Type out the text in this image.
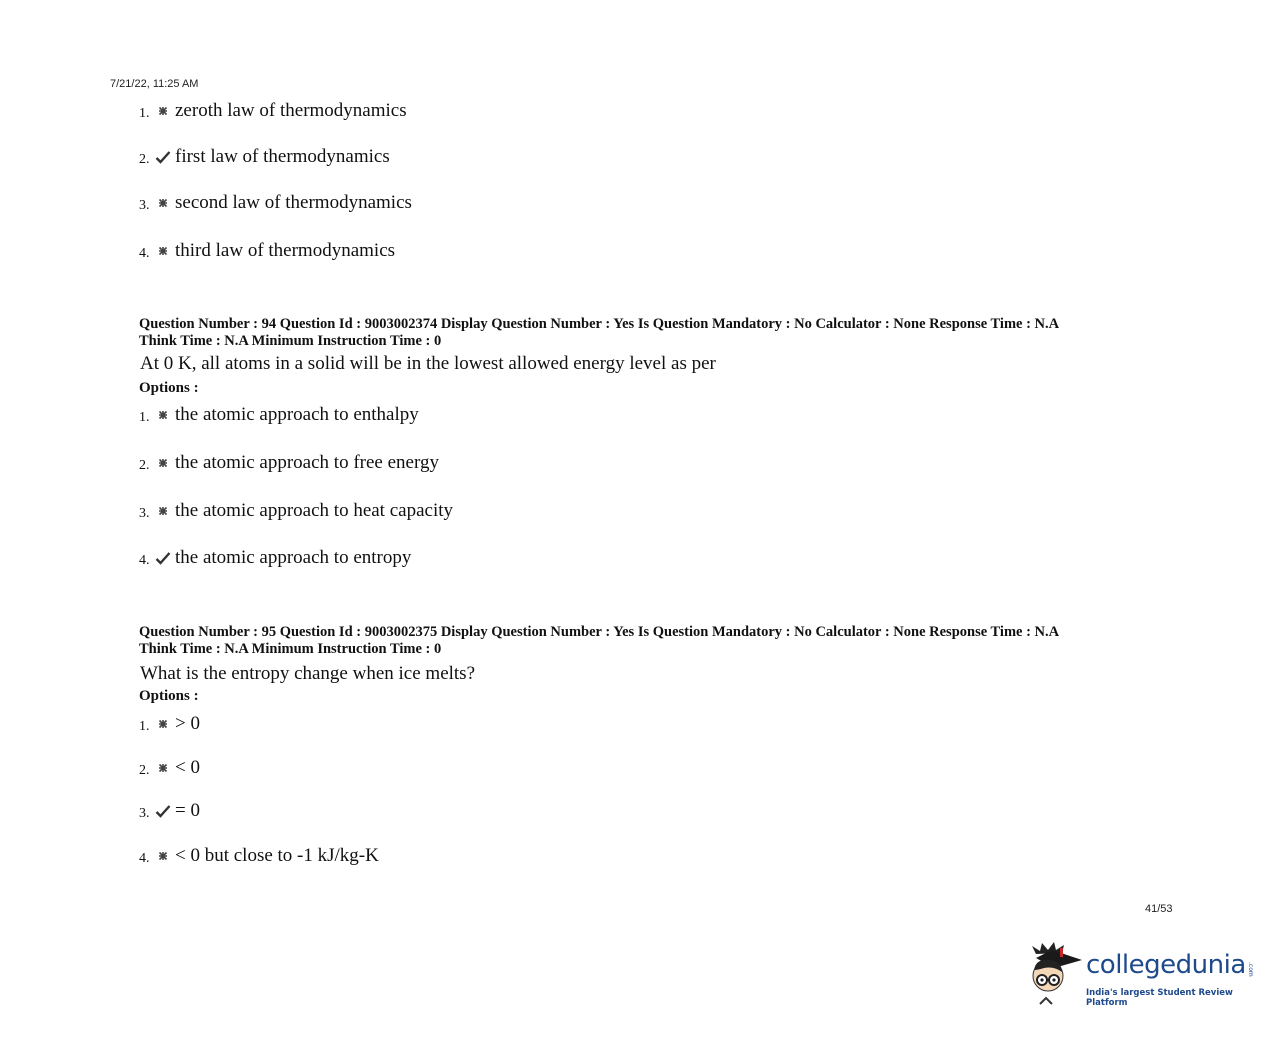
7/21/22, 11:25 AM
1. zeroth law of thermodynamics
2. first law of thermodynamics
3. second law of thermodynamics
4. third law of thermodynamics
Question Number : 94 Question Id : 9003002374 Display Question Number : Yes Is Question Mandatory : No Calculator : None Response Time : N.A
Think Time : N.A Minimum Instruction Time : 0
At 0 K, all atoms in a solid will be in the lowest allowed energy level as per
Options :
1. the atomic approach to enthalpy
2. the atomic approach to free energy
3. the atomic approach to heat capacity
4. the atomic approach to entropy
Question Number : 95 Question Id : 9003002375 Display Question Number : Yes Is Question Mandatory : No Calculator : None Response Time : N.A
Think Time : N.A Minimum Instruction Time : 0
What is the entropy change when ice melts?
Options :
1. > 0
2. < 0
3. = 0
4. < 0 but close to -1 kJ/kg-K
41/53
collegedunia .com
India's largest Student Review Platform
